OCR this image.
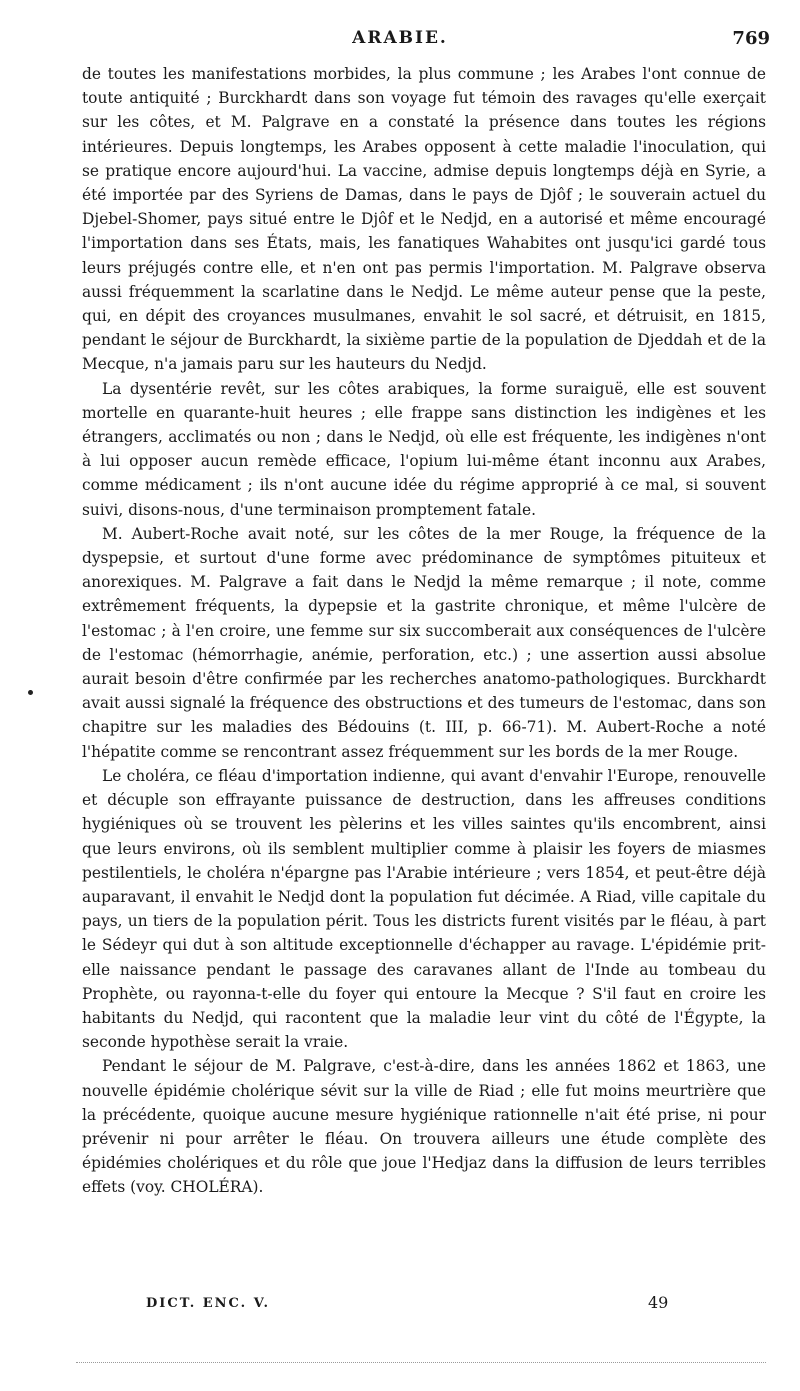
ARABIE.	769

de toutes les manifestations morbides, la plus commune ; les Arabes l'ont connue de toute antiquité ; Burckhardt dans son voyage fut témoin des ravages qu'elle exerçait sur les côtes, et M. Palgrave en a constaté la présence dans toutes les régions intérieures. Depuis longtemps, les Arabes opposent à cette maladie l'inoculation, qui se pratique encore aujourd'hui. La vaccine, admise depuis longtemps déjà en Syrie, a été importée par des Syriens de Damas, dans le pays de Djôf ; le souverain actuel du Djebel-Shomer, pays situé entre le Djôf et le Nedjd, en a autorisé et même encouragé l'importation dans ses États, mais, les fanatiques Wahabites ont jusqu'ici gardé tous leurs préjugés contre elle, et n'en ont pas permis l'importation. M. Palgrave observa aussi fréquemment la scarlatine dans le Nedjd. Le même auteur pense que la peste, qui, en dépit des croyances musulmanes, envahit le sol sacré, et détruisit, en 1815, pendant le séjour de Burckhardt, la sixième partie de la population de Djeddah et de la Mecque, n'a jamais paru sur les hauteurs du Nedjd.

La dysentérie revêt, sur les côtes arabiques, la forme suraiguë, elle est souvent mortelle en quarante-huit heures ; elle frappe sans distinction les indigènes et les étrangers, acclimatés ou non ; dans le Nedjd, où elle est fréquente, les indigènes n'ont à lui opposer aucun remède efficace, l'opium lui-même étant inconnu aux Arabes, comme médicament ; ils n'ont aucune idée du régime approprié à ce mal, si souvent suivi, disons-nous, d'une terminaison promptement fatale.

M. Aubert-Roche avait noté, sur les côtes de la mer Rouge, la fréquence de la dyspepsie, et surtout d'une forme avec prédominance de symptômes pituiteux et anorexiques. M. Palgrave a fait dans le Nedjd la même remarque ; il note, comme extrêmement fréquents, la dypepsie et la gastrite chronique, et même l'ulcère de l'estomac ; à l'en croire, une femme sur six succomberait aux conséquences de l'ulcère de l'estomac (hémorrhagie, anémie, perforation, etc.) ; une assertion aussi absolue aurait besoin d'être confirmée par les recherches anatomo-pathologiques. Burckhardt avait aussi signalé la fréquence des obstructions et des tumeurs de l'estomac, dans son chapitre sur les maladies des Bédouins (t. III, p. 66-71). M. Aubert-Roche a noté l'hépatite comme se rencontrant assez fréquemment sur les bords de la mer Rouge.

Le choléra, ce fléau d'importation indienne, qui avant d'envahir l'Europe, renouvelle et décuple son effrayante puissance de destruction, dans les affreuses conditions hygiéniques où se trouvent les pèlerins et les villes saintes qu'ils encombrent, ainsi que leurs environs, où ils semblent multiplier comme à plaisir les foyers de miasmes pestilentiels, le choléra n'épargne pas l'Arabie intérieure ; vers 1854, et peut-être déjà auparavant, il envahit le Nedjd dont la population fut décimée. A Riad, ville capitale du pays, un tiers de la population périt. Tous les districts furent visités par le fléau, à part le Sédeyr qui dut à son altitude exceptionnelle d'échapper au ravage. L'épidémie prit-elle naissance pendant le passage des caravanes allant de l'Inde au tombeau du Prophète, ou rayonna-t-elle du foyer qui entoure la Mecque ? S'il faut en croire les habitants du Nedjd, qui racontent que la maladie leur vint du côté de l'Égypte, la seconde hypothèse serait la vraie.

Pendant le séjour de M. Palgrave, c'est-à-dire, dans les années 1862 et 1863, une nouvelle épidémie cholérique sévit sur la ville de Riad ; elle fut moins meurtrière que la précédente, quoique aucune mesure hygiénique rationnelle n'ait été prise, ni pour prévenir ni pour arrêter le fléau. On trouvera ailleurs une étude complète des épidémies cholériques et du rôle que joue l'Hedjaz dans la diffusion de leurs terribles effets (voy. CHOLÉRA).

DICT. ENC. V.	49
